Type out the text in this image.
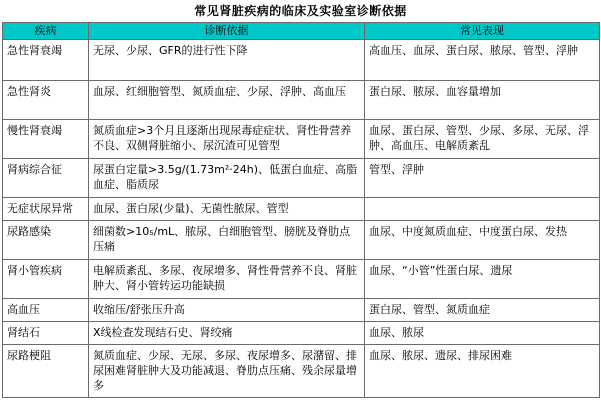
常见肾脏疾病的临床及实验室诊断依据
疾病	诊断依据	常见表现
急性肾衰竭	无尿、少尿、GFR的进行性下降	高血压、血尿、蛋白尿、脓尿、管型、浮肿
急性肾炎	血尿、红细胞管型、氮质血症、少尿、浮肿、高血压	蛋白尿、脓尿、血容量增加
慢性肾衰竭	氮质血症>3个月且逐渐出现尿毒症症状、肾性骨营养不良、双侧肾脏缩小、尿沉渣可见管型	血尿、蛋白尿、管型、少尿、多尿、无尿、浮肿、高血压、电解质紊乱
肾病综合征	尿蛋白定量>3.5g/(1.73m²·24h)、低蛋白血症、高脂血症、脂质尿	管型、浮肿
无症状尿异常	血尿、蛋白尿(少量)、无菌性脓尿、管型	
尿路感染	细菌数>10₅/mL、脓尿、白细胞管型、膀胱及脊肋点压痛	血尿、中度氮质血症、中度蛋白尿、发热
肾小管疾病	电解质紊乱、多尿、夜尿增多、肾性骨营养不良、肾脏肿大、肾小管转运功能缺损	血尿、“小管”性蛋白尿、遗尿
高血压	收缩压/舒张压升高	蛋白尿、管型、氮质血症
肾结石	X线检查发现结石史、肾绞痛	血尿、脓尿
尿路梗阻	氮质血症、少尿、无尿、多尿、夜尿增多、尿潴留、排尿困难肾脏肿大及功能减退、脊肋点压痛、残余尿量增多	血尿、脓尿、遗尿、排尿困难
